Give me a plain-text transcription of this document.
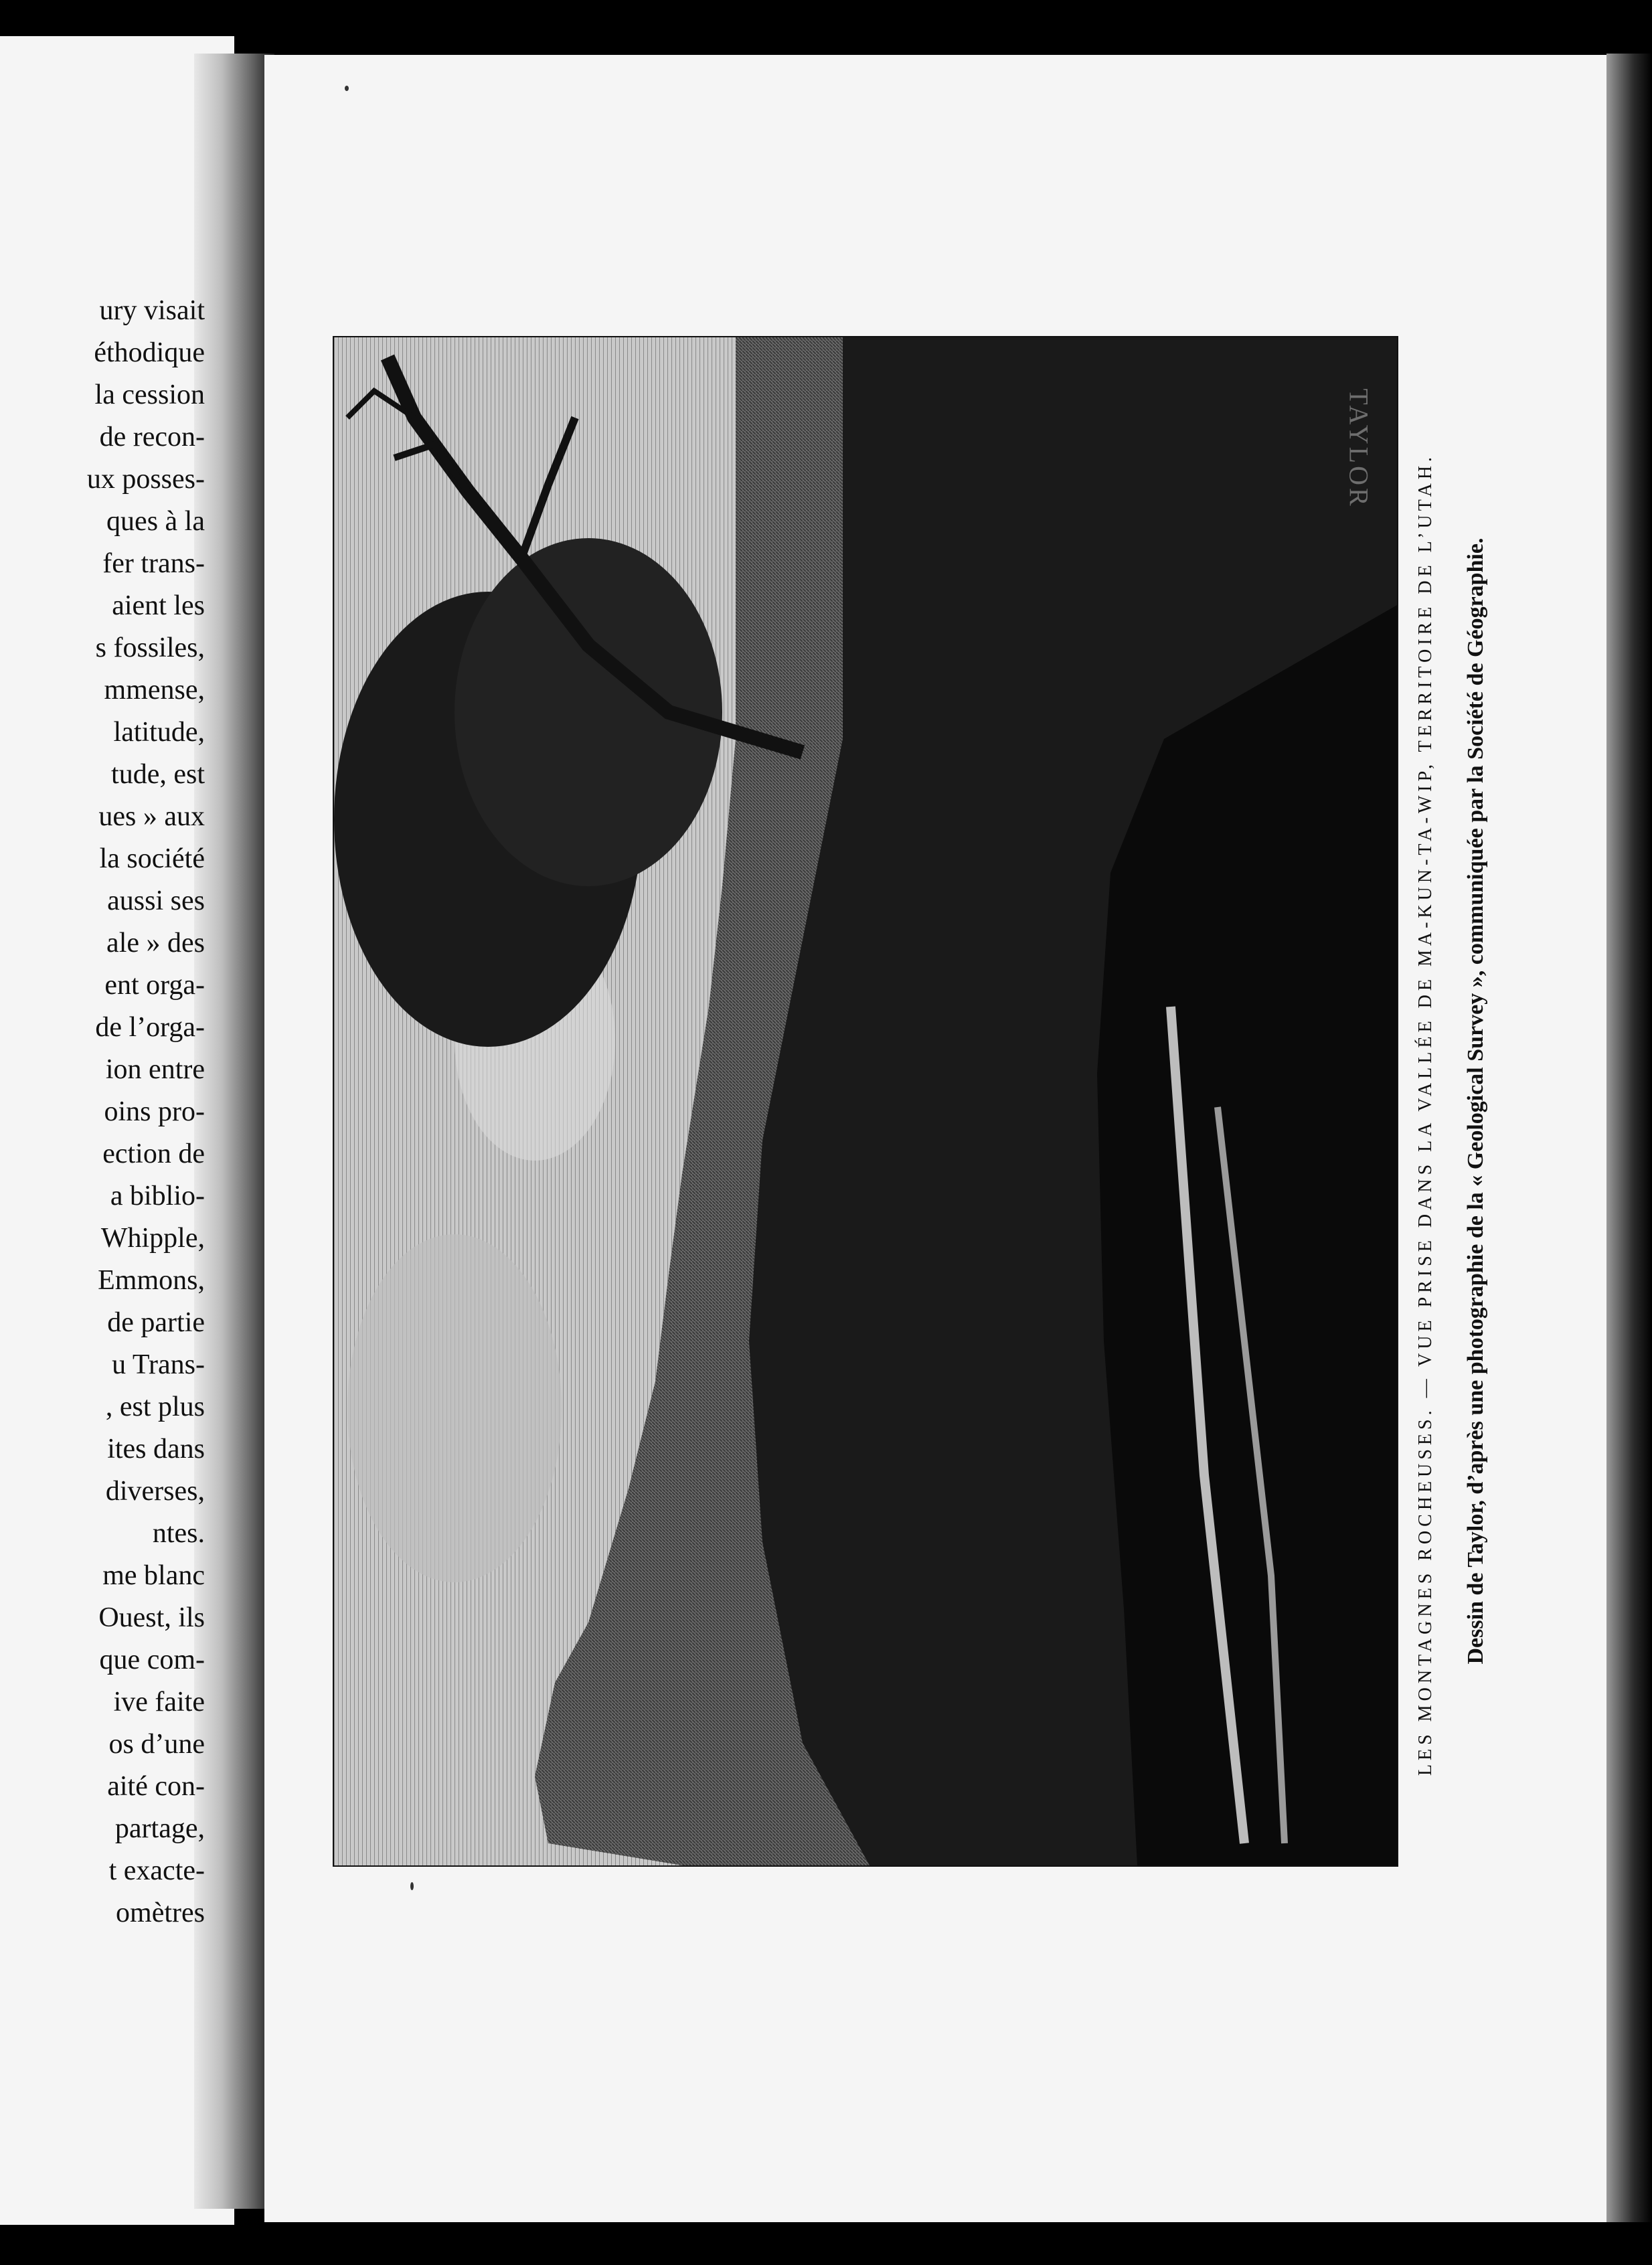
ury visait
éthodique
la cession
de recon-
ux posses-
ques à la
fer trans-
aient les
s fossiles,
mmense,
latitude,
tude, est
ues » aux
la société
aussi ses
ale » des
ent orga-
de l’orga-
ion entre
oins pro-
ection de
a biblio-
Whipple,
Emmons,
de partie
u Trans-
, est plus
ites dans
diverses,
ntes.
me blanc
Ouest, ils
que com-
ive faite
os d’une
aité con-
partage,
t exacte-
omètres
TAYLOR
LES MONTAGNES ROCHEUSES. — VUE PRISE DANS LA VALLÉE DE MA-KUN-TA-WIP, TERRITOIRE DE L’UTAH. Dessin de Taylor, d’après une photographie de la « Geological Survey », communiquée par la Société de Géographie.
